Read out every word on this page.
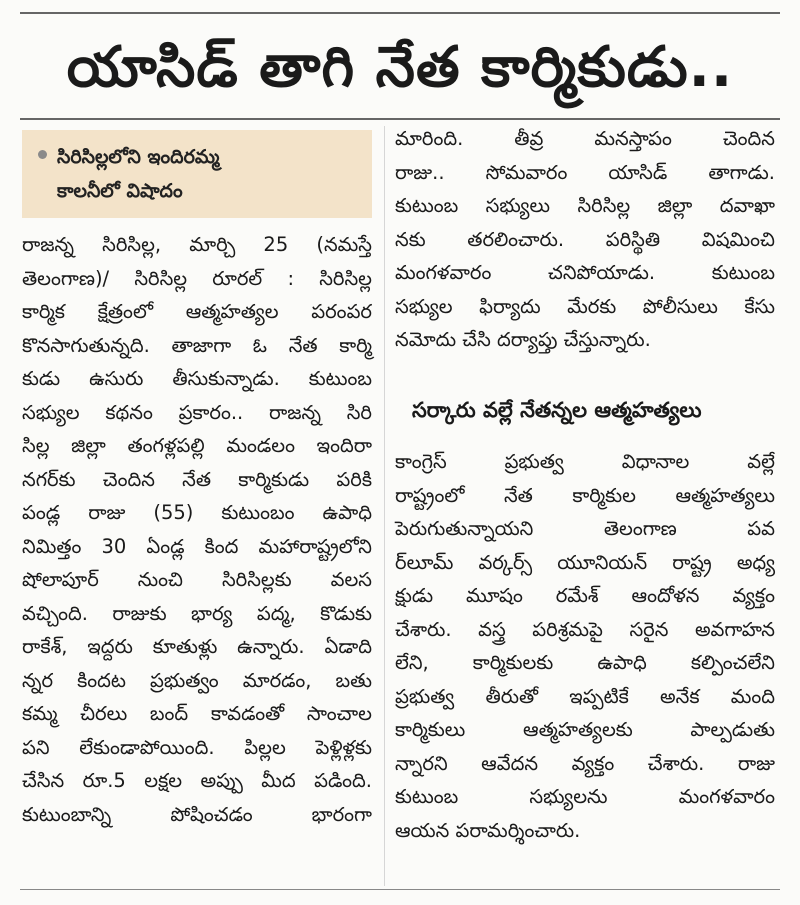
యాసిడ్ తాగి నేత కార్మికుడు..
సిరిసిల్లలోని ఇందిరమ్మ
కాలనీలో విషాదం

రాజన్న సిరిసిల్ల, మార్చి 25 (నమస్తే
తెలంగాణ)/ సిరిసిల్ల రూరల్ : సిరిసిల్ల
కార్మిక క్షేత్రంలో ఆత్మహత్యల పరంపర
కొనసాగుతున్నది. తాజాగా ఓ నేత కార్మి
కుడు ఉసురు తీసుకున్నాడు. కుటుంబ
సభ్యుల కథనం ప్రకారం.. రాజన్న సిరి
సిల్ల జిల్లా తంగళ్లపల్లి మండలం ఇందిరా
నగర్‌కు చెందిన నేత కార్మికుడు పరికి
పండ్ల రాజు (55) కుటుంబం ఉపాధి
నిమిత్తం 30 ఏండ్ల కింద మహారాష్ట్రలోని
షోలాపూర్ నుంచి సిరిసిల్లకు వలస
వచ్చింది. రాజుకు భార్య పద్మ, కొడుకు
రాకేశ్, ఇద్దరు కూతుళ్లు ఉన్నారు. ఏడాది
న్నర కిందట ప్రభుత్వం మారడం, బతు
కమ్మ చీరలు బంద్ కావడంతో సాంచాల
పని లేకుండాపోయింది. పిల్లల పెళ్లిళ్లకు
చేసిన రూ.5 లక్షల అప్పు మీద పడింది.
కుటుంబాన్ని పోషించడం భారంగా

మారింది. తీవ్ర మనస్తాపం చెందిన
రాజు.. సోమవారం యాసిడ్ తాగాడు.
కుటుంబ సభ్యులు సిరిసిల్ల జిల్లా దవాఖా
నకు తరలించారు. పరిస్థితి విషమించి
మంగళవారం చనిపోయాడు. కుటుంబ
సభ్యుల ఫిర్యాదు మేరకు పోలీసులు కేసు
నమోదు చేసి దర్యాప్తు చేస్తున్నారు.

సర్కారు వల్లే నేతన్నల ఆత్మహత్యలు

కాంగ్రెస్ ప్రభుత్వ విధానాల వల్లే
రాష్ట్రంలో నేత కార్మికుల ఆత్మహత్యలు
పెరుగుతున్నాయని తెలంగాణ పవ
ర్‌లూమ్ వర్కర్స్ యూనియన్ రాష్ట్ర అధ్య
క్షుడు మూషం రమేశ్ ఆందోళన వ్యక్తం
చేశారు. వస్త్ర పరిశ్రమపై సరైన అవగాహన
లేని, కార్మికులకు ఉపాధి కల్పించలేని
ప్రభుత్వ తీరుతో ఇప్పటికే అనేక మంది
కార్మికులు ఆత్మహత్యలకు పాల్పడుతు
న్నారని ఆవేదన వ్యక్తం చేశారు. రాజు
కుటుంబ సభ్యులను మంగళవారం
ఆయన పరామర్శించారు.
